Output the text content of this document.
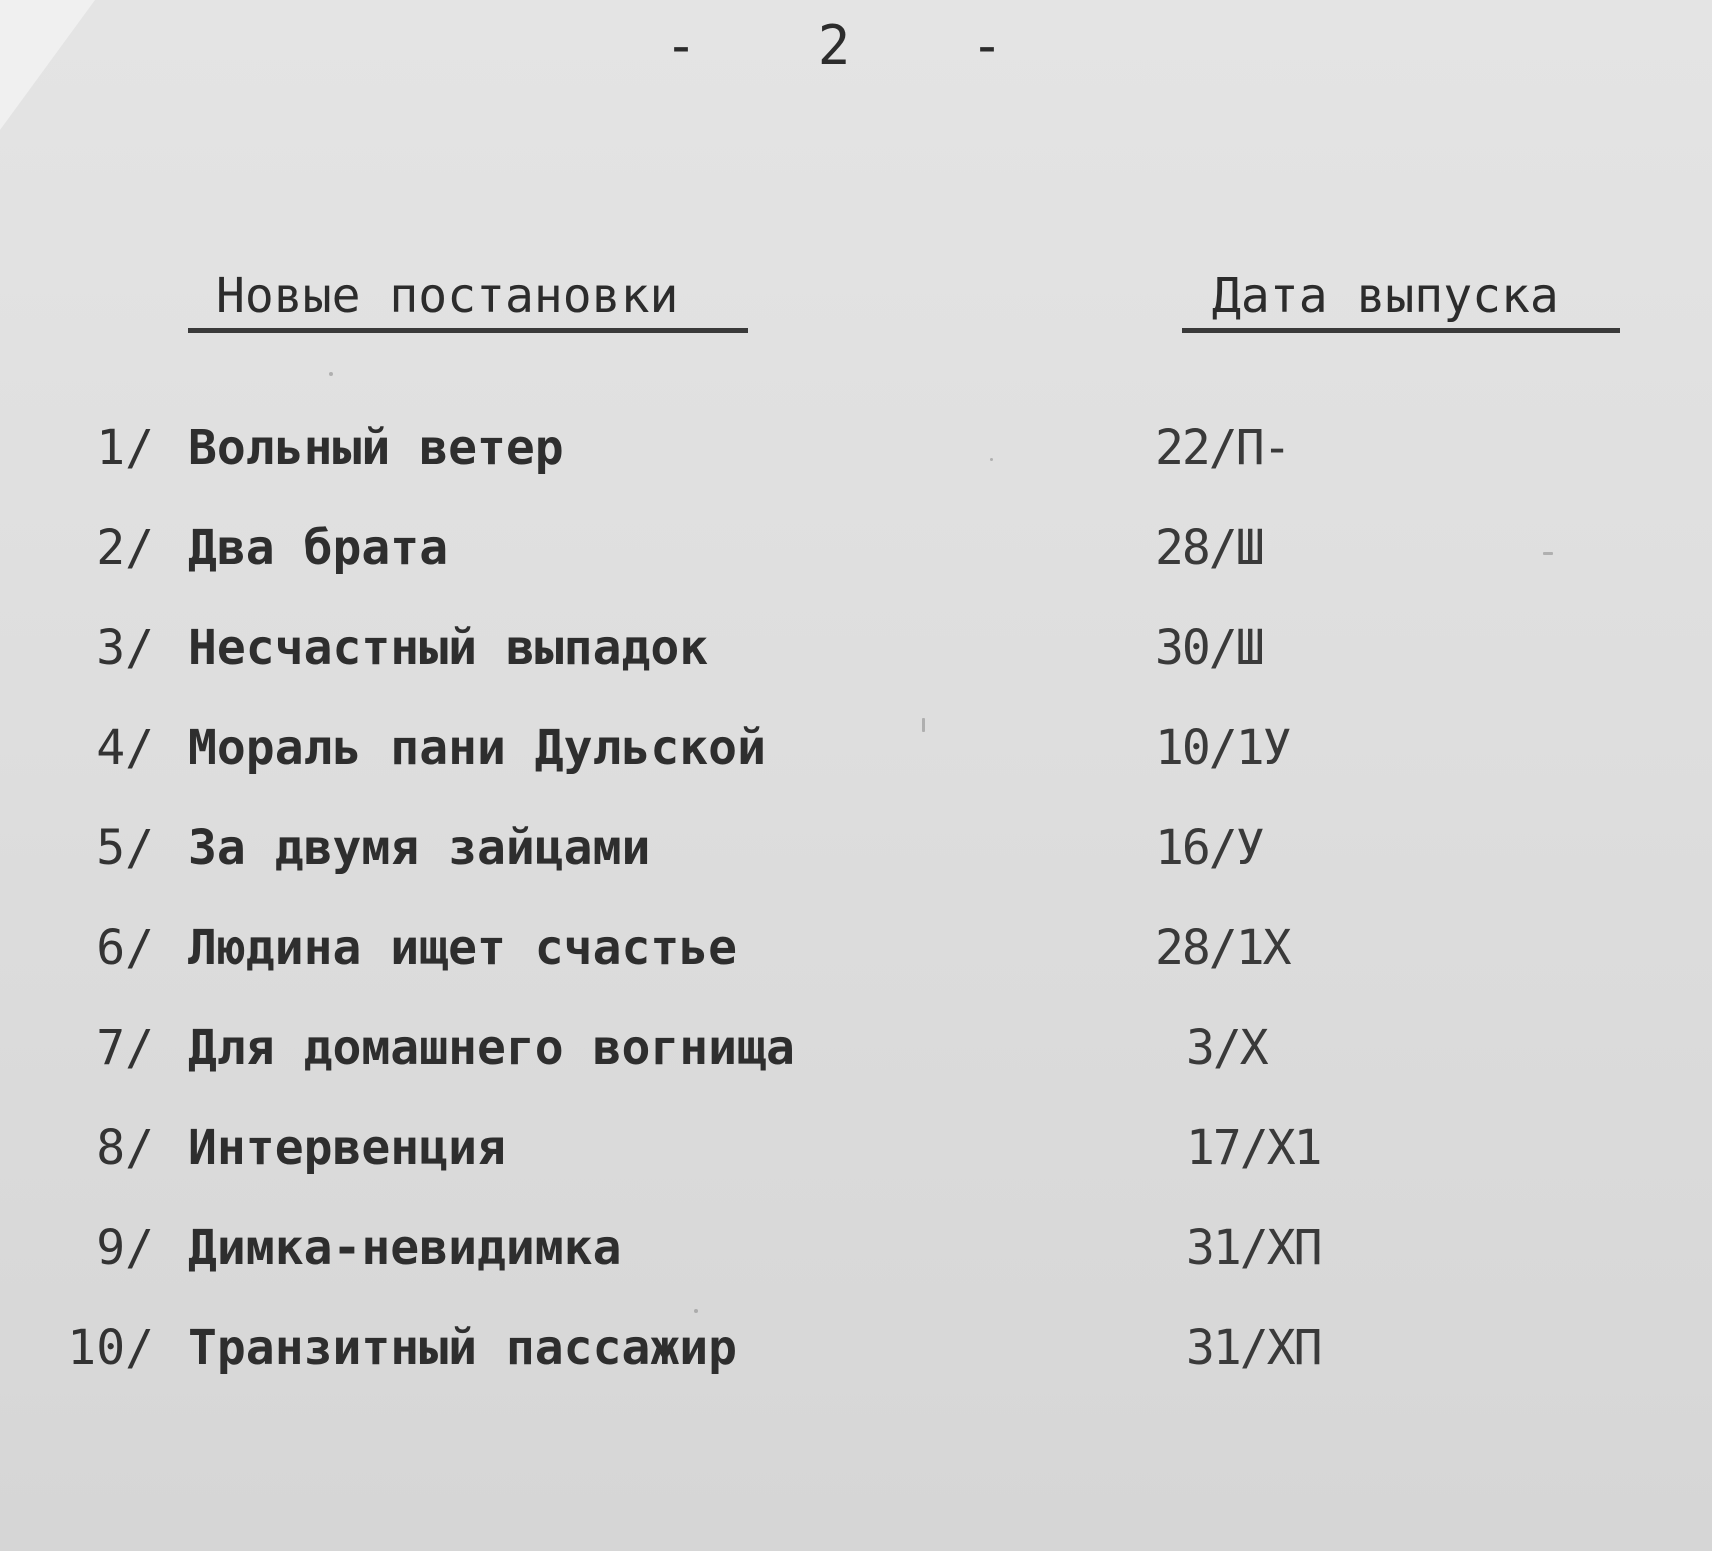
- 2 -
Новые постановки	Дата выпуска
1/ Вольный ветер	22/П-
2/ Два брата	28/Ш
3/ Несчастный выпадок	30/Ш
4/ Мораль пани Дульской	10/1У
5/ За двумя зайцами	16/У
6/ Людина ищет счастье	28/1Х
7/ Для домашнего вогнища	3/Х
8/ Интервенция	17/Х1
9/ Димка-невидимка	31/ХП
10/ Транзитный пассажир	31/ХП
